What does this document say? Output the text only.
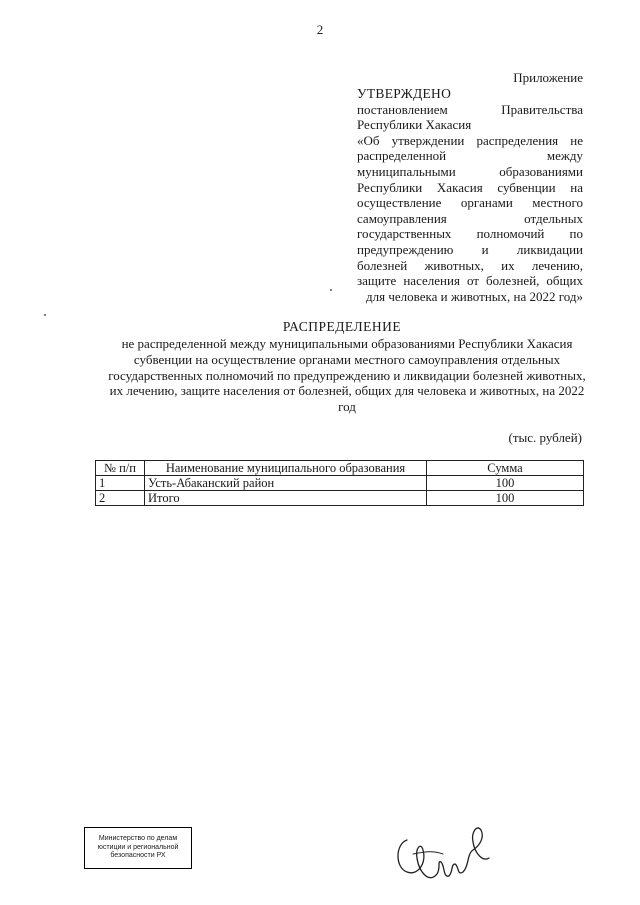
2
Приложение
УТВЕРЖДЕНО
постановлением Правительства Республики Хакасия
«Об утверждении распределения не распределенной между муниципальными образованиями Республики Хакасия субвенции на осуществление органами местного самоуправления отдельных государственных полномочий по предупреждению и ликвидации болезней животных, их лечению, защите населения от болезней, общих для человека и животных, на 2022 год»
РАСПРЕДЕЛЕНИЕ
не распределенной между муниципальными образованиями Республики Хакасия субвенции на осуществление органами местного самоуправления отдельных государственных полномочий по предупреждению и ликвидации болезней животных, их лечению, защите населения от болезней, общих для человека и животных, на 2022 год
(тыс. рублей)
№ п/п	Наименование муниципального образования	Сумма
1	Усть-Абаканский район	100
2	Итого	100
Министерство по делам
юстиции и региональной
безопасности РХ
